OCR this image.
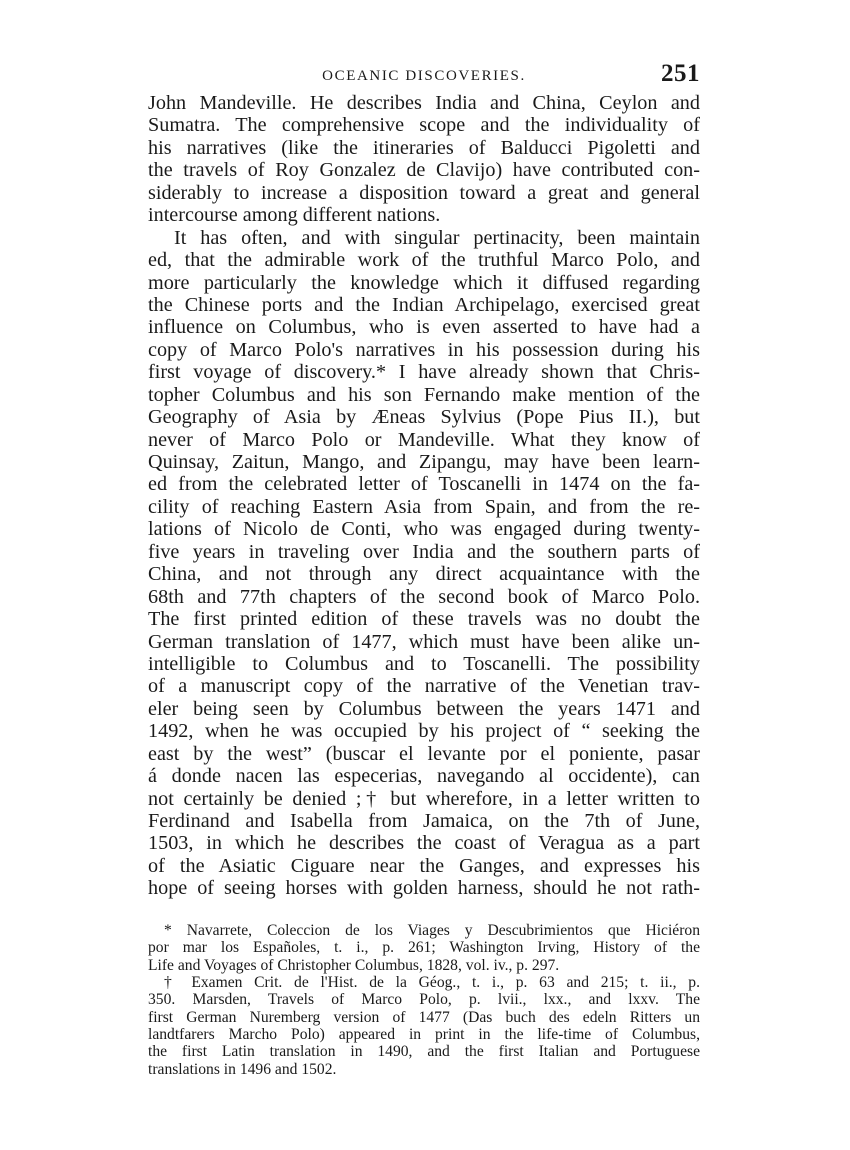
OCEANIC DISCOVERIES.	251
John Mandeville. He describes India and China, Ceylon and
Sumatra. The comprehensive scope and the individuality of
his narratives (like the itineraries of Balducci Pigoletti and
the travels of Roy Gonzalez de Clavijo) have contributed con-
siderably to increase a disposition toward a great and general
intercourse among different nations.
It has often, and with singular pertinacity, been maintain
ed, that the admirable work of the truthful Marco Polo, and
more particularly the knowledge which it diffused regarding
the Chinese ports and the Indian Archipelago, exercised great
influence on Columbus, who is even asserted to have had a
copy of Marco Polo's narratives in his possession during his
first voyage of discovery.* I have already shown that Chris-
topher Columbus and his son Fernando make mention of the
Geography of Asia by Æneas Sylvius (Pope Pius II.), but
never of Marco Polo or Mandeville. What they know of
Quinsay, Zaitun, Mango, and Zipangu, may have been learn-
ed from the celebrated letter of Toscanelli in 1474 on the fa-
cility of reaching Eastern Asia from Spain, and from the re-
lations of Nicolo de Conti, who was engaged during twenty-
five years in traveling over India and the southern parts of
China, and not through any direct acquaintance with the
68th and 77th chapters of the second book of Marco Polo.
The first printed edition of these travels was no doubt the
German translation of 1477, which must have been alike un-
intelligible to Columbus and to Toscanelli. The possibility
of a manuscript copy of the narrative of the Venetian trav-
eler being seen by Columbus between the years 1471 and
1492, when he was occupied by his project of “ seeking the
east by the west” (buscar el levante por el poniente, pasar
á donde nacen las especerias, navegando al occidente), can
not certainly be denied ;† but wherefore, in a letter written to
Ferdinand and Isabella from Jamaica, on the 7th of June,
1503, in which he describes the coast of Veragua as a part
of the Asiatic Ciguare near the Ganges, and expresses his
hope of seeing horses with golden harness, should he not rath-
* Navarrete, Coleccion de los Viages y Descubrimientos que Hiciéron
por mar los Españoles, t. i., p. 261; Washington Irving, History of the
Life and Voyages of Christopher Columbus, 1828, vol. iv., p. 297.
† Examen Crit. de l'Hist. de la Géog., t. i., p. 63 and 215; t. ii., p.
350. Marsden, Travels of Marco Polo, p. lvii., lxx., and lxxv. The
first German Nuremberg version of 1477 (Das buch des edeln Ritters un
landtfarers Marcho Polo) appeared in print in the life-time of Columbus,
the first Latin translation in 1490, and the first Italian and Portuguese
translations in 1496 and 1502.
